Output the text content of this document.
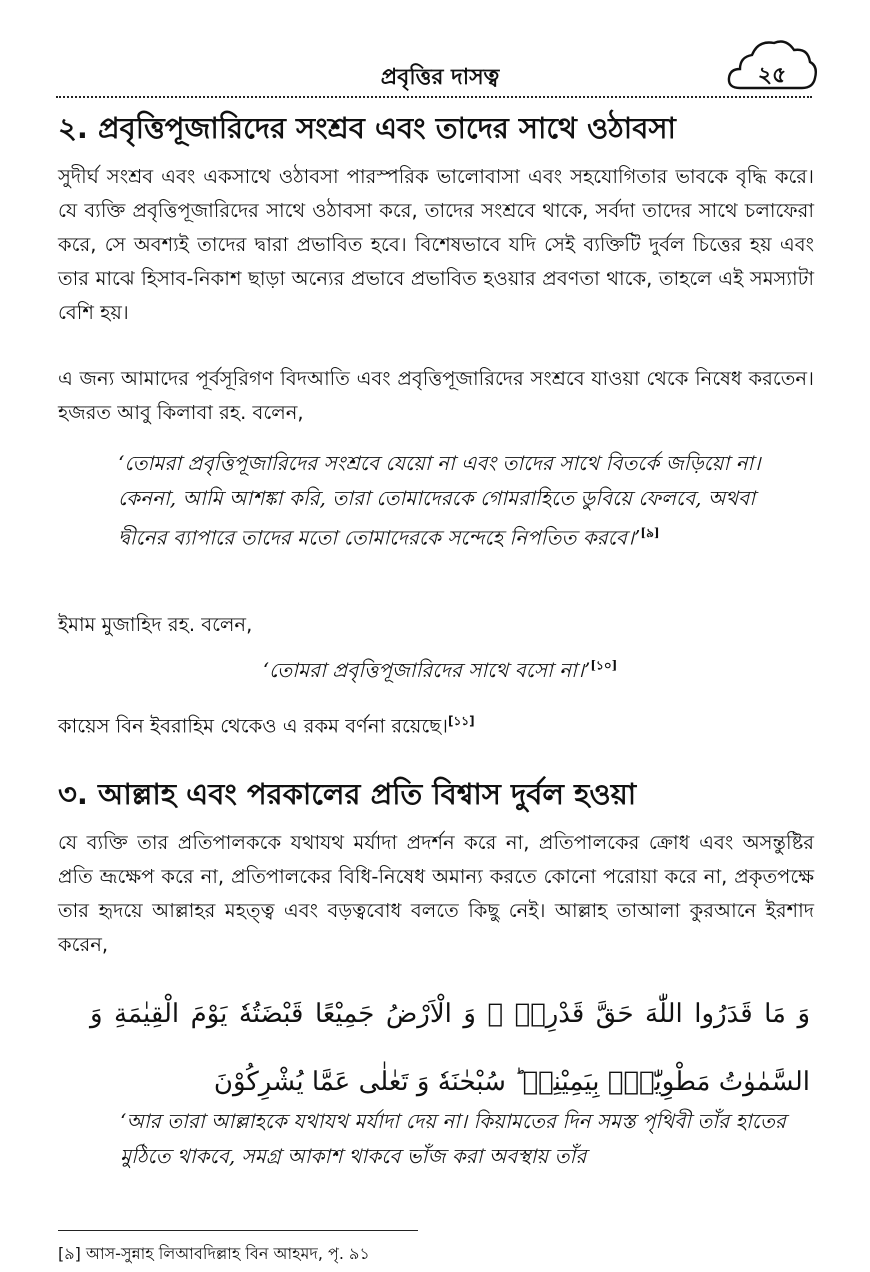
প্রবৃত্তির দাসত্ব	২৫
২. প্রবৃত্তিপূজারিদের সংশ্রব এবং তাদের সাথে ওঠাবসা
সুদীর্ঘ সংশ্রব এবং একসাথে ওঠাবসা পারস্পরিক ভালোবাসা এবং সহযোগিতার ভাবকে বৃদ্ধি করে। যে ব্যক্তি প্রবৃত্তিপূজারিদের সাথে ওঠাবসা করে, তাদের সংশ্রবে থাকে, সর্বদা তাদের সাথে চলাফেরা করে, সে অবশ্যই তাদের দ্বারা প্রভাবিত হবে। বিশেষভাবে যদি সেই ব্যক্তিটি দুর্বল চিত্তের হয় এবং তার মাঝে হিসাব-নিকাশ ছাড়া অন্যের প্রভাবে প্রভাবিত হওয়ার প্রবণতা থাকে, তাহলে এই সমস্যাটা বেশি হয়।
এ জন্য আমাদের পূর্বসূরিগণ বিদআতি এবং প্রবৃত্তিপূজারিদের সংশ্রবে যাওয়া থেকে নিষেধ করতেন। হজরত আবু কিলাবা রহ. বলেন,
‘তোমরা প্রবৃত্তিপূজারিদের সংশ্রবে যেয়ো না এবং তাদের সাথে বিতর্কে জড়িয়ো না। কেননা, আমি আশঙ্কা করি, তারা তোমাদেরকে গোমরাহিতে ডুবিয়ে ফেলবে, অথবা দ্বীনের ব্যাপারে তাদের মতো তোমাদেরকে সন্দেহে নিপতিত করবে।’[৯]
ইমাম মুজাহিদ রহ. বলেন,
‘তোমরা প্রবৃত্তিপূজারিদের সাথে বসো না।’[১০]
কায়েস বিন ইবরাহিম থেকেও এ রকম বর্ণনা রয়েছে।[১১]
৩. আল্লাহ এবং পরকালের প্রতি বিশ্বাস দুর্বল হওয়া
যে ব্যক্তি তার প্রতিপালককে যথাযথ মর্যাদা প্রদর্শন করে না, প্রতিপালকের ক্রোধ এবং অসন্তুষ্টির প্রতি ভ্রূক্ষেপ করে না, প্রতিপালকের বিধি-নিষেধ অমান্য করতে কোনো পরোয়া করে না, প্রকৃতপক্ষে তার হৃদয়ে আল্লাহর মহত্ত্ব এবং বড়ত্ববোধ বলতে কিছু নেই। আল্লাহ তাআলা কুরআনে ইরশাদ করেন,
وَ مَا قَدَرُوا اللّٰهَ حَقَّ قَدْرِهٖ ۖ وَ الْاَرْضُ جَمِيْعًا قَبْضَتُهٗ يَوْمَ الْقِيٰمَةِ وَ السَّمٰوٰتُ مَطْوِيّٰتٌۢ بِيَمِيْنِهٖ ؕ سُبْحٰنَهٗ وَ تَعٰلٰى عَمَّا يُشْرِكُوْنَ
‘আর তারা আল্লাহকে যথাযথ মর্যাদা দেয় না। কিয়ামতের দিন সমস্ত পৃথিবী তাঁর হাতের মুঠিতে থাকবে, সমগ্র আকাশ থাকবে ভাঁজ করা অবস্থায় তাঁর
[৯] আস-সুন্নাহ লিআবদিল্লাহ বিন আহমদ, পৃ. ৯১
